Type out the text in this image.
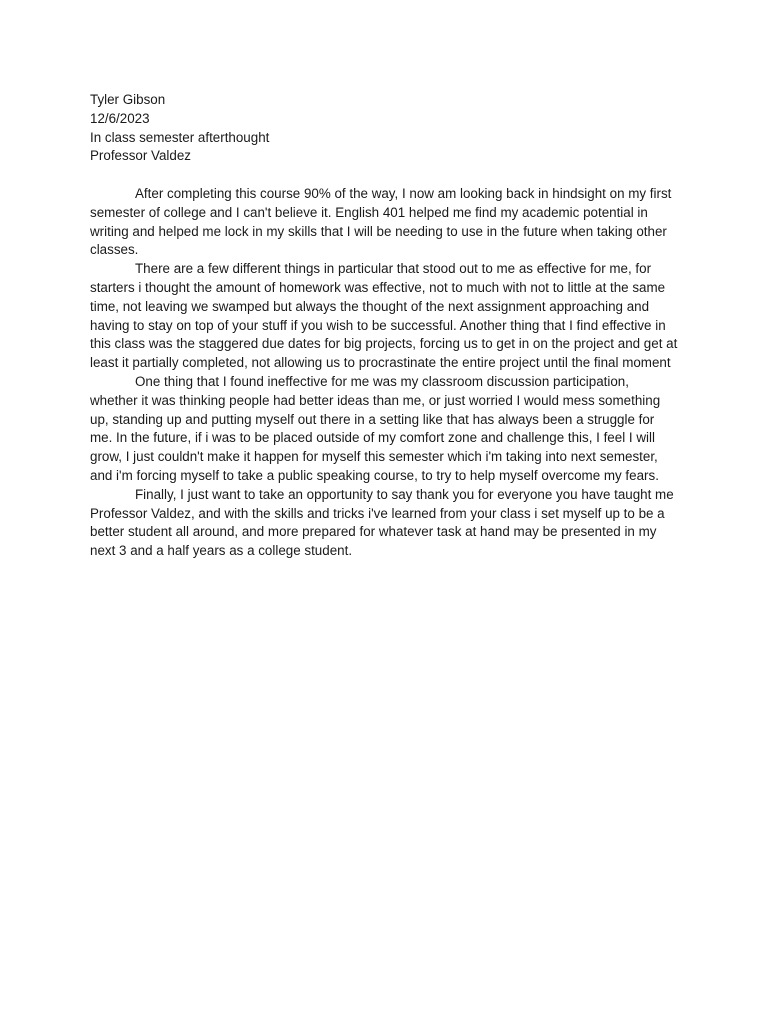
Tyler Gibson

12/6/2023

In class semester afterthought

Professor Valdez

After completing this course 90% of the way, I now am looking back in hindsight on my first semester of college and I can't believe it. English 401 helped me find my academic potential in writing and helped me lock in my skills that I will be needing to use in the future when taking other classes.

There are a few different things in particular that stood out to me as effective for me, for starters i thought the amount of homework was effective, not to much with not to little at the same time, not leaving we swamped but always the thought of the next assignment approaching and having to stay on top of your stuff if you wish to be successful. Another thing that I find effective in this class was the staggered due dates for big projects, forcing us to get in on the project and get at least it partially completed, not allowing us to procrastinate the entire project until the final moment

One thing that I found ineffective for me was my classroom discussion participation, whether it was thinking people had better ideas than me, or just worried I would mess something up, standing up and putting myself out there in a setting like that has always been a struggle for me. In the future, if i was to be placed outside of my comfort zone and challenge this, I feel I will grow, I just couldn't make it happen for myself this semester which i'm taking into next semester, and i'm forcing myself to take a public speaking course, to try to help myself overcome my fears.

Finally, I just want to take an opportunity to say thank you for everyone you have taught me Professor Valdez, and with the skills and tricks i've learned from your class i set myself up to be a better student all around, and more prepared for whatever task at hand may be presented in my next 3 and a half years as a college student.
